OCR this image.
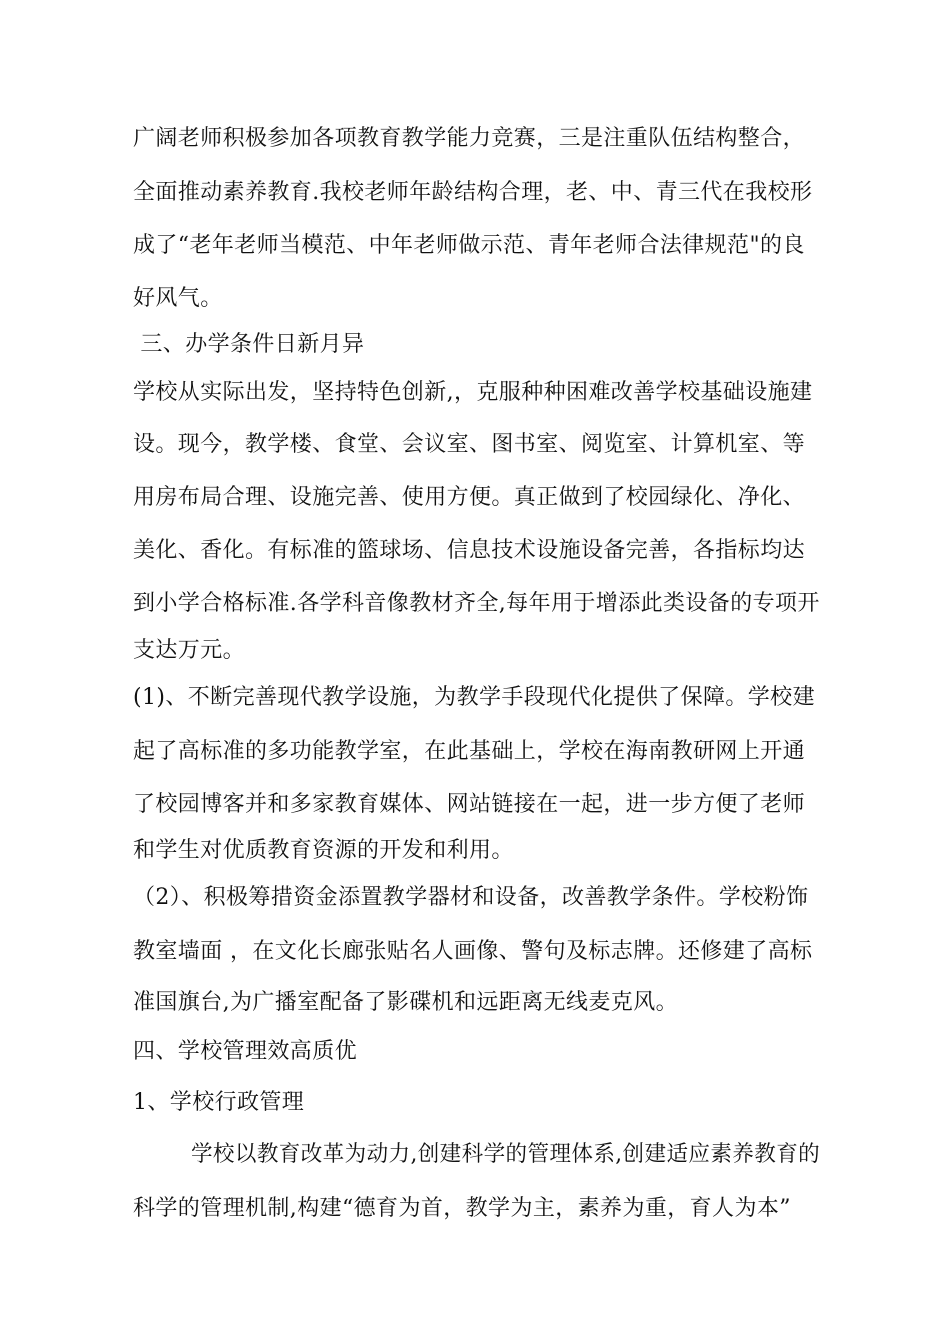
广阔老师积极参加各项教育教学能力竞赛，三是注重队伍结构整合，
全面推动素养教育.我校老师年龄结构合理，老、中、青三代在我校形
成了“老年老师当模范、中年老师做示范、青年老师合法律规范"的良
好风气。
三、办学条件日新月异
学校从实际出发，坚持特色创新,，克服种种困难改善学校基础设施建
设。现今，教学楼、食堂、会议室、图书室、阅览室、计算机室、等
用房布局合理、设施完善、使用方便。真正做到了校园绿化、净化、
美化、香化。有标准的篮球场、信息技术设施设备完善，各指标均达
到小学合格标准.各学科音像教材齐全,每年用于增添此类设备的专项开
支达万元。
(1)、不断完善现代教学设施，为教学手段现代化提供了保障。学校建
起了高标准的多功能教学室，在此基础上，学校在海南教研网上开通
了校园博客并和多家教育媒体、网站链接在一起，进一步方便了老师
和学生对优质教育资源的开发和利用。
（2）、积极筹措资金添置教学器材和设备，改善教学条件。学校粉饰
教室墙面 ，在文化长廊张贴名人画像、警句及标志牌。还修建了高标
准国旗台,为广播室配备了影碟机和远距离无线麦克风。
四、学校管理效高质优
1、学校行政管理
学校以教育改革为动力,创建科学的管理体系,创建适应素养教育的
科学的管理机制,构建“德育为首，教学为主，素养为重，育人为本”
